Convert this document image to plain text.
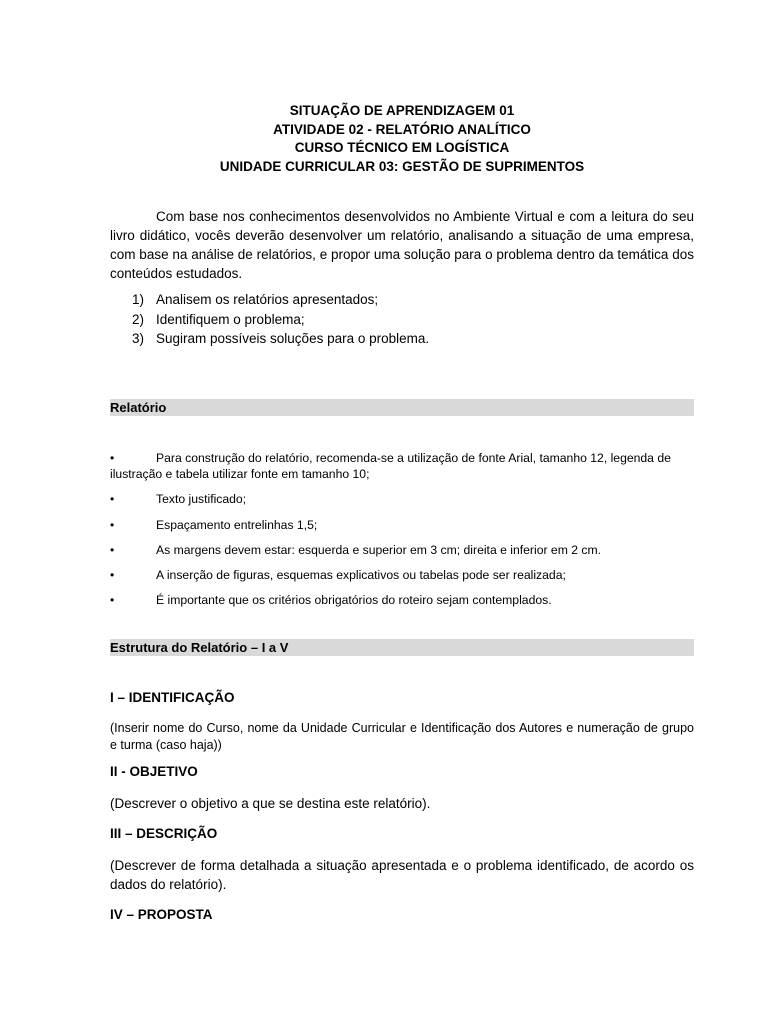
SITUAÇÃO DE APRENDIZAGEM 01
ATIVIDADE 02 - RELATÓRIO ANALÍTICO
CURSO TÉCNICO EM LOGÍSTICA
UNIDADE CURRICULAR 03: GESTÃO DE SUPRIMENTOS

Com base nos conhecimentos desenvolvidos no Ambiente Virtual e com a leitura do seu livro didático, vocês deverão desenvolver um relatório, analisando a situação de uma empresa, com base na análise de relatórios, e propor uma solução para o problema dentro da temática dos conteúdos estudados.

1) Analisem os relatórios apresentados;
2) Identifiquem o problema;
3) Sugiram possíveis soluções para o problema.
Relatório
•
Para construção do relatório, recomenda-se a utilização de fonte Arial, tamanho 12, legenda de ilustração e tabela utilizar fonte em tamanho 10;
•
Texto justificado;
•
Espaçamento entrelinhas 1,5;
•
As margens devem estar: esquerda e superior em 3 cm; direita e inferior em 2 cm.
•
A inserção de figuras, esquemas explicativos ou tabelas pode ser realizada;
•
É importante que os critérios obrigatórios do roteiro sejam contemplados.
Estrutura do Relatório – I a V
I – IDENTIFICAÇÃO

(Inserir nome do Curso, nome da Unidade Curricular e Identificação dos Autores e numeração de grupo e turma (caso haja))

II - OBJETIVO

(Descrever o objetivo a que se destina este relatório).

III – DESCRIÇÃO

(Descrever de forma detalhada a situação apresentada e o problema identificado, de acordo os dados do relatório).

IV – PROPOSTA
